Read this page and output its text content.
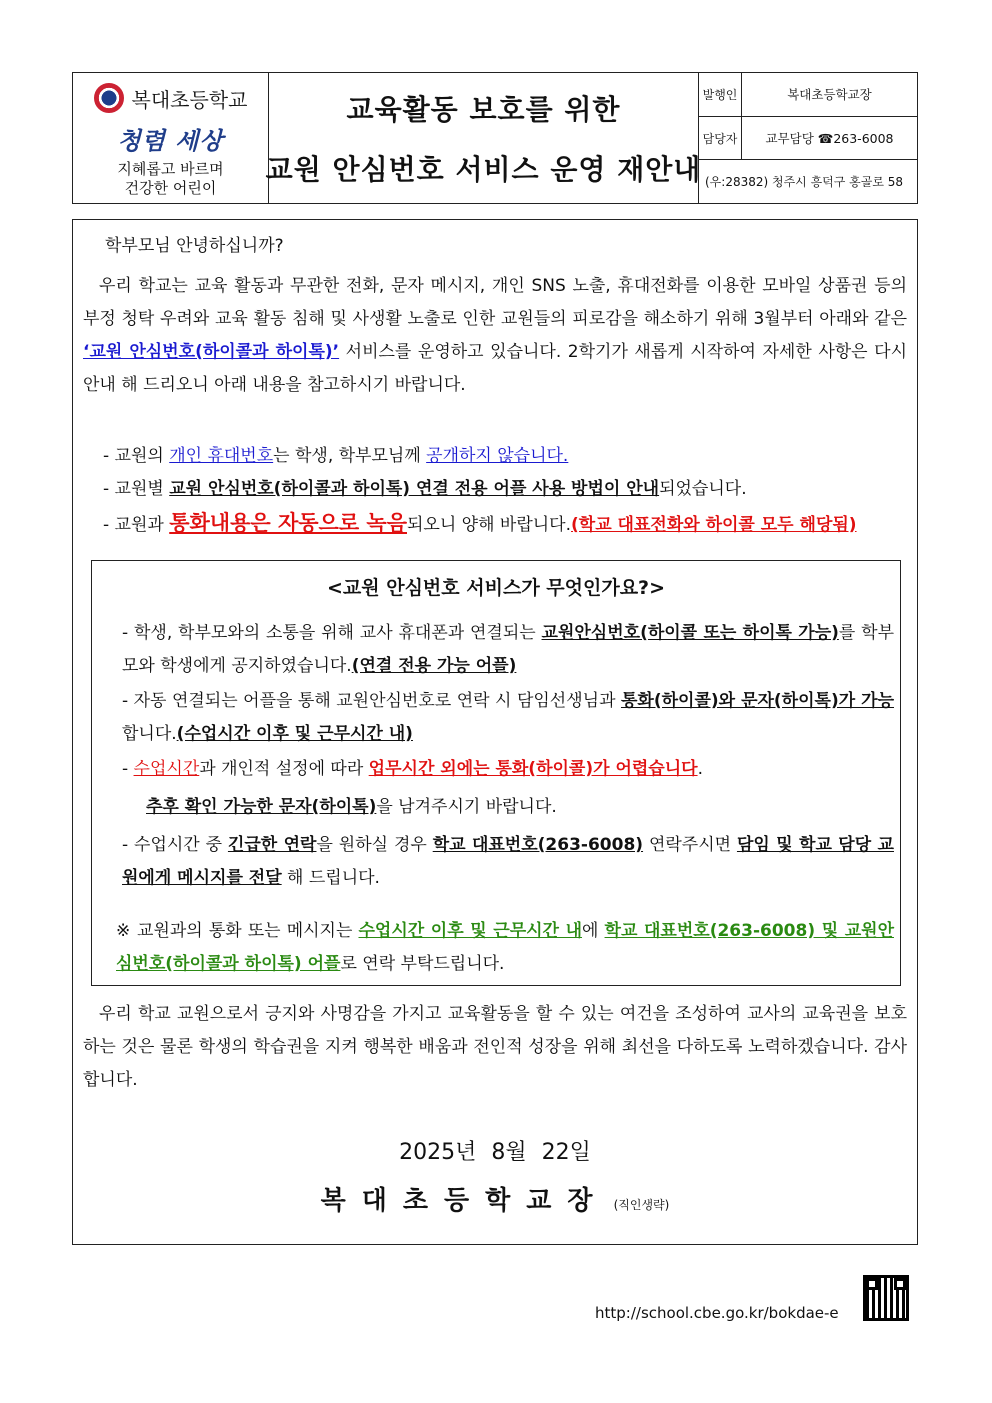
복대초등학교
청렴 세상
지혜롭고 바르며
건강한 어린이
교육활동 보호를 위한
교원 안심번호 서비스 운영 재안내
발행인	복대초등학교장
담당자	교무담당 ☎263-6008
(우:28382) 청주시 흥덕구 홍골로 58
학부모님 안녕하십니까?
우리 학교는 교육 활동과 무관한 전화, 문자 메시지, 개인 SNS 노출, 휴대전화를 이용한 모바일 상품권 등의 부정 청탁 우려와 교육 활동 침해 및 사생활 노출로 인한 교원들의 피로감을 해소하기 위해 3월부터 아래와 같은 ‘교원 안심번호(하이콜과 하이톡)’ 서비스를 운영하고 있습니다. 2학기가 새롭게 시작하여 자세한 사항은 다시 안내 해 드리오니 아래 내용을 참고하시기 바랍니다.
- 교원의 개인 휴대번호는 학생, 학부모님께 공개하지 않습니다.
- 교원별 교원 안심번호(하이콜과 하이톡) 연결 전용 어플 사용 방법이 안내되었습니다.
- 교원과 통화내용은 자동으로 녹음되오니 양해 바랍니다.(학교 대표전화와 하이콜 모두 해당됨)
<교원 안심번호 서비스가 무엇인가요?>
- 학생, 학부모와의 소통을 위해 교사 휴대폰과 연결되는 교원안심번호(하이콜 또는 하이톡 가능)를 학부모와 학생에게 공지하였습니다.(연결 전용 가능 어플)
- 자동 연결되는 어플을 통해 교원안심번호로 연락 시 담임선생님과 통화(하이콜)와 문자(하이톡)가 가능합니다.(수업시간 이후 및 근무시간 내)
- 수업시간과 개인적 설정에 따라 업무시간 외에는 통화(하이콜)가 어렵습니다.
추후 확인 가능한 문자(하이톡)을 남겨주시기 바랍니다.
- 수업시간 중 긴급한 연락을 원하실 경우 학교 대표번호(263-6008) 연락주시면 담임 및 학교 담당 교원에게 메시지를 전달 해 드립니다.
※ 교원과의 통화 또는 메시지는 수업시간 이후 및 근무시간 내에 학교 대표번호(263-6008) 및 교원안심번호(하이콜과 하이톡) 어플로 연락 부탁드립니다.
우리 학교 교원으로서 긍지와 사명감을 가지고 교육활동을 할 수 있는 여건을 조성하여 교사의 교육권을 보호하는 것은 물론 학생의 학습권을 지켜 행복한 배움과 전인적 성장을 위해 최선을 다하도록 노력하겠습니다. 감사합니다.
2025년 8월 22일
복대초등학교장 (직인생략)
http://school.cbe.go.kr/bokdae-e
